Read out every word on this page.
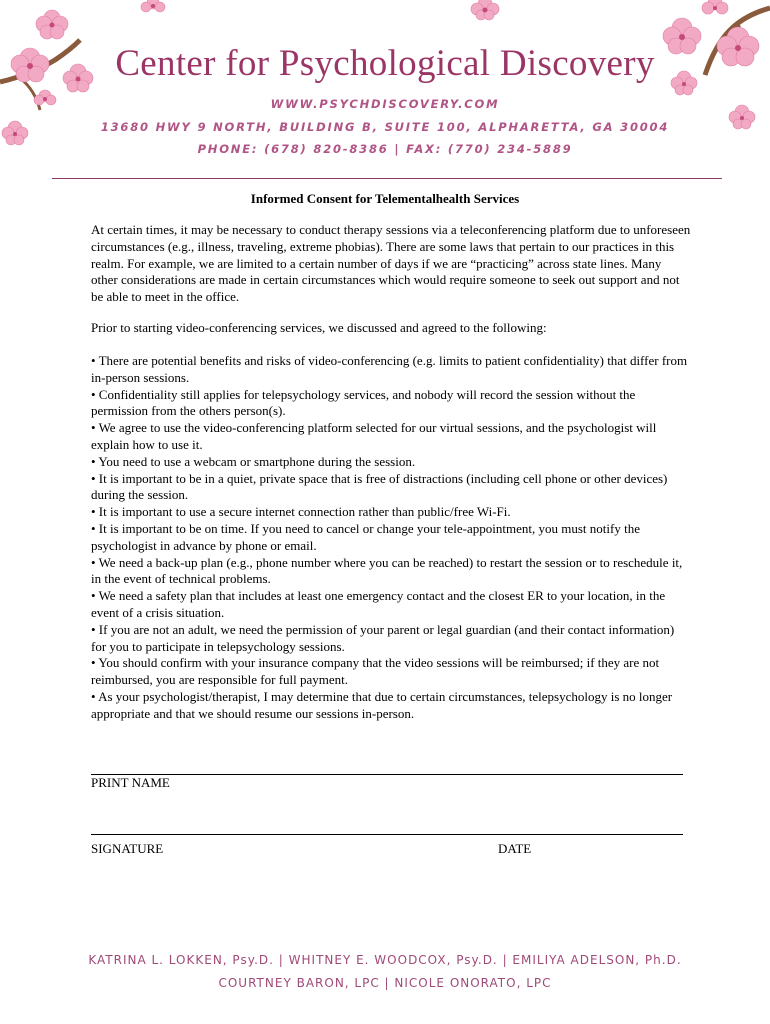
Center for Psychological Discovery
WWW.PSYCHDISCOVERY.COM
13680 HWY 9 NORTH, BUILDING B, SUITE 100, ALPHARETTA, GA 30004
PHONE: (678) 820-8386 | FAX: (770) 234-5889
Informed Consent for Telementalhealth Services
At certain times, it may be necessary to conduct therapy sessions via a teleconferencing platform due to unforeseen circumstances (e.g., illness, traveling, extreme phobias). There are some laws that pertain to our practices in this realm. For example, we are limited to a certain number of days if we are “practicing” across state lines. Many other considerations are made in certain circumstances which would require someone to seek out support and not be able to meet in the office.
Prior to starting video-conferencing services, we discussed and agreed to the following:

• There are potential benefits and risks of video-conferencing (e.g. limits to patient confidentiality) that differ from in-person sessions.

• Confidentiality still applies for telepsychology services, and nobody will record the session without the permission from the others person(s).

• We agree to use the video-conferencing platform selected for our virtual sessions, and the psychologist will explain how to use it.

• You need to use a webcam or smartphone during the session.

• It is important to be in a quiet, private space that is free of distractions (including cell phone or other devices) during the session.

• It is important to use a secure internet connection rather than public/free Wi-Fi.

• It is important to be on time. If you need to cancel or change your tele-appointment, you must notify the psychologist in advance by phone or email.

• We need a back-up plan (e.g., phone number where you can be reached) to restart the session or to reschedule it, in the event of technical problems.

• We need a safety plan that includes at least one emergency contact and the closest ER to your location, in the event of a crisis situation.

• If you are not an adult, we need the permission of your parent or legal guardian (and their contact information) for you to participate in telepsychology sessions.

• You should confirm with your insurance company that the video sessions will be reimbursed; if they are not reimbursed, you are responsible for full payment.

• As your psychologist/therapist, I may determine that due to certain circumstances, telepsychology is no longer appropriate and that we should resume our sessions in-person.

PRINT NAME
SIGNATURE	DATE
KATRINA L. LOKKEN, Psy.D. | WHITNEY E. WOODCOX, Psy.D. | EMILIYA ADELSON, Ph.D.
COURTNEY BARON, LPC | NICOLE ONORATO, LPC
